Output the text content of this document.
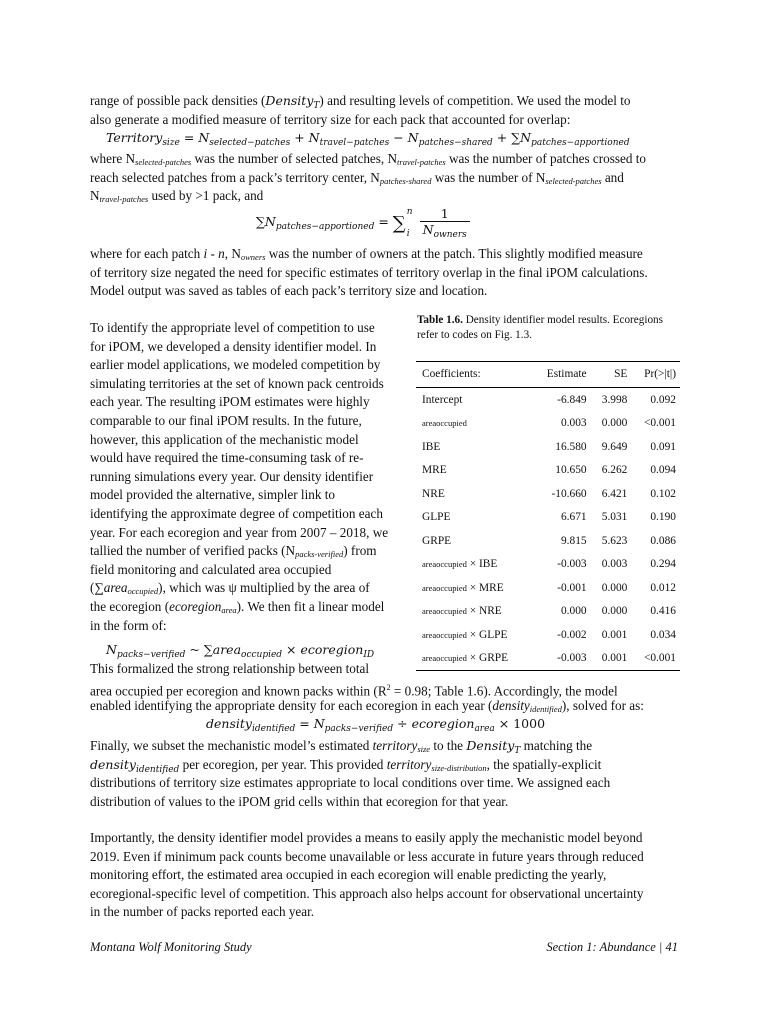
range of possible pack densities (Density$_T$) and resulting levels of competition. We used the model to
also generate a modified measure of territory size for each pack that accounted for overlap:
Territory$_{size}$ = $N_{selected-patches} + N_{travel-patches} - N_{patches-shared} + \sum N_{patches-apportioned}$
where Nselected-patches was the number of selected patches, Ntravel-patches was the number of patches crossed to
reach selected patches from a pack’s territory center, Npatches-shared was the number of Nselected-patches and
Ntravel-patches used by >1 pack, and
$\sum N_{patches-apportioned}$ = ∑
n
i
$\frac{1}{N_{owners}}$
where for each patch i - n, Nowners was the number of owners at the patch. This slightly modified measure
of territory size negated the need for specific estimates of territory overlap in the final iPOM calculations.
Model output was saved as tables of each pack’s territory size and location.
To identify the appropriate level of competition to use
for iPOM, we developed a density identifier model. In
earlier model applications, we modeled competition by
simulating territories at the set of known pack centroids
each year. The resulting iPOM estimates were highly
comparable to our final iPOM results. In the future,
however, this application of the mechanistic model
would have required the time-consuming task of re-
running simulations every year. Our density identifier
model provided the alternative, simpler link to
identifying the approximate degree of competition each
year. For each ecoregion and year from 2007 – 2018, we
tallied the number of verified packs (Npacks-verified) from
field monitoring and calculated area occupied
(∑areaoccupied), which was ψ multiplied by the area of
the ecoregion (ecoregionarea). We then fit a linear model
in the form of:
$N_{packs-verified}$ ~ ∑area$_{occupied}$ × ecoregion$_{ID}$
Table 1.6. Density identifier model results. Ecoregions refer to codes on Fig. 1.3.
Coefficients:	Estimate	SE	Pr(>|t|)
Intercept	-6.849	3.998	0.092
areaoccupied	0.003	0.000	<0.001
IBE	16.580	9.649	0.091
MRE	10.650	6.262	0.094
NRE	-10.660	6.421	0.102
GLPE	6.671	5.031	0.190
GRPE	9.815	5.623	0.086
areaoccupied × IBE	-0.003	0.003	0.294
areaoccupied × MRE	-0.001	0.000	0.012
areaoccupied × NRE	0.000	0.000	0.416
areaoccupied × GLPE	-0.002	0.001	0.034
areaoccupied × GRPE	-0.003	0.001	<0.001
This formalized the strong relationship between total
area occupied per ecoregion and known packs within ($R^2 = 0.98$; Table 1.6). Accordingly, the model
enabled identifying the appropriate density for each ecoregion in each year (densityidentified), solved for as:
density$_{identified}$ = $N_{packs-verified}$ ÷ ecoregion$_{area}$ × 1000
Finally, we subset the mechanistic model’s estimated territorysize to the Density$_T$ matching the
density$_{identified}$ per ecoregion, per year. This provided territorysize-distribution, the spatially-explicit
distributions of territory size estimates appropriate to local conditions over time. We assigned each
distribution of values to the iPOM grid cells within that ecoregion for that year.
Importantly, the density identifier model provides a means to easily apply the mechanistic model beyond
2019. Even if minimum pack counts become unavailable or less accurate in future years through reduced
monitoring effort, the estimated area occupied in each ecoregion will enable predicting the yearly,
ecoregional-specific level of competition. This approach also helps account for observational uncertainty
in the number of packs reported each year.
Montana Wolf Monitoring Study	Section 1: Abundance | 41
